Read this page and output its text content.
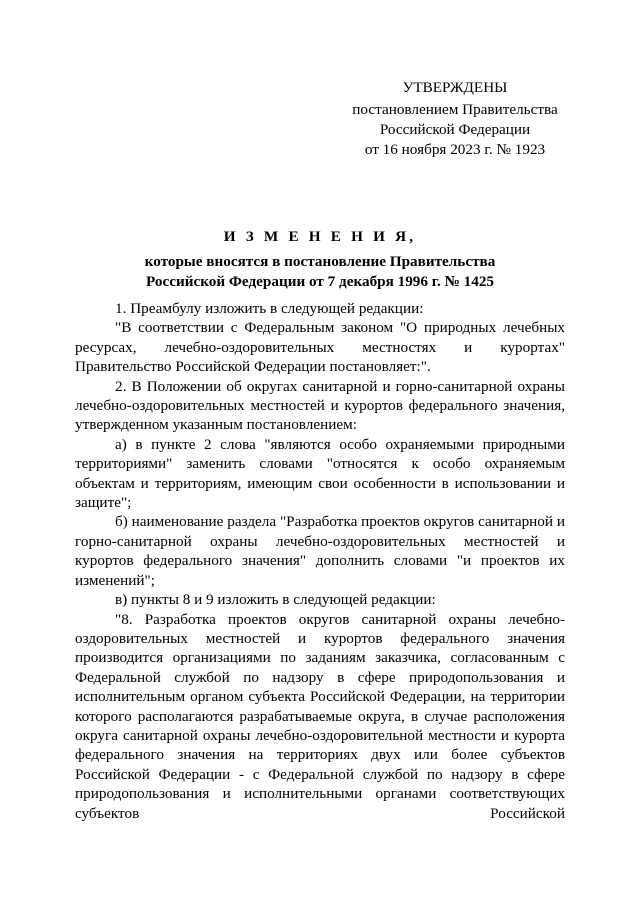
УТВЕРЖДЕНЫ
постановлением Правительства
Российской Федерации
от 16 ноября 2023 г. № 1923
И З М Е Н Е Н И Я,
которые вносятся в постановление Правительства
Российской Федерации от 7 декабря 1996 г. № 1425

1. Преамбулу изложить в следующей редакции:

"В соответствии с Федеральным законом "О природных лечебных ресурсах, лечебно-оздоровительных местностях и курортах" Правительство Российской Федерации постановляет:".

2. В Положении об округах санитарной и горно-санитарной охраны лечебно-оздоровительных местностей и курортов федерального значения, утвержденном указанным постановлением:

а) в пункте 2 слова "являются особо охраняемыми природными территориями" заменить словами "относятся к особо охраняемым объектам и территориям, имеющим свои особенности в использовании и защите";

б) наименование раздела "Разработка проектов округов санитарной и горно-санитарной охраны лечебно-оздоровительных местностей и курортов федерального значения" дополнить словами "и проектов их изменений";

в) пункты 8 и 9 изложить в следующей редакции:

"8. Разработка проектов округов санитарной охраны лечебно-оздоровительных местностей и курортов федерального значения производится организациями по заданиям заказчика, согласованным с Федеральной службой по надзору в сфере природопользования и исполнительным органом субъекта Российской Федерации, на территории которого располагаются разрабатываемые округа, в случае расположения округа санитарной охраны лечебно-оздоровительной местности и курорта федерального значения на территориях двух или более субъектов Российской Федерации - с Федеральной службой по надзору в сфере природопользования и исполнительными органами соответствующих субъектов Российской
